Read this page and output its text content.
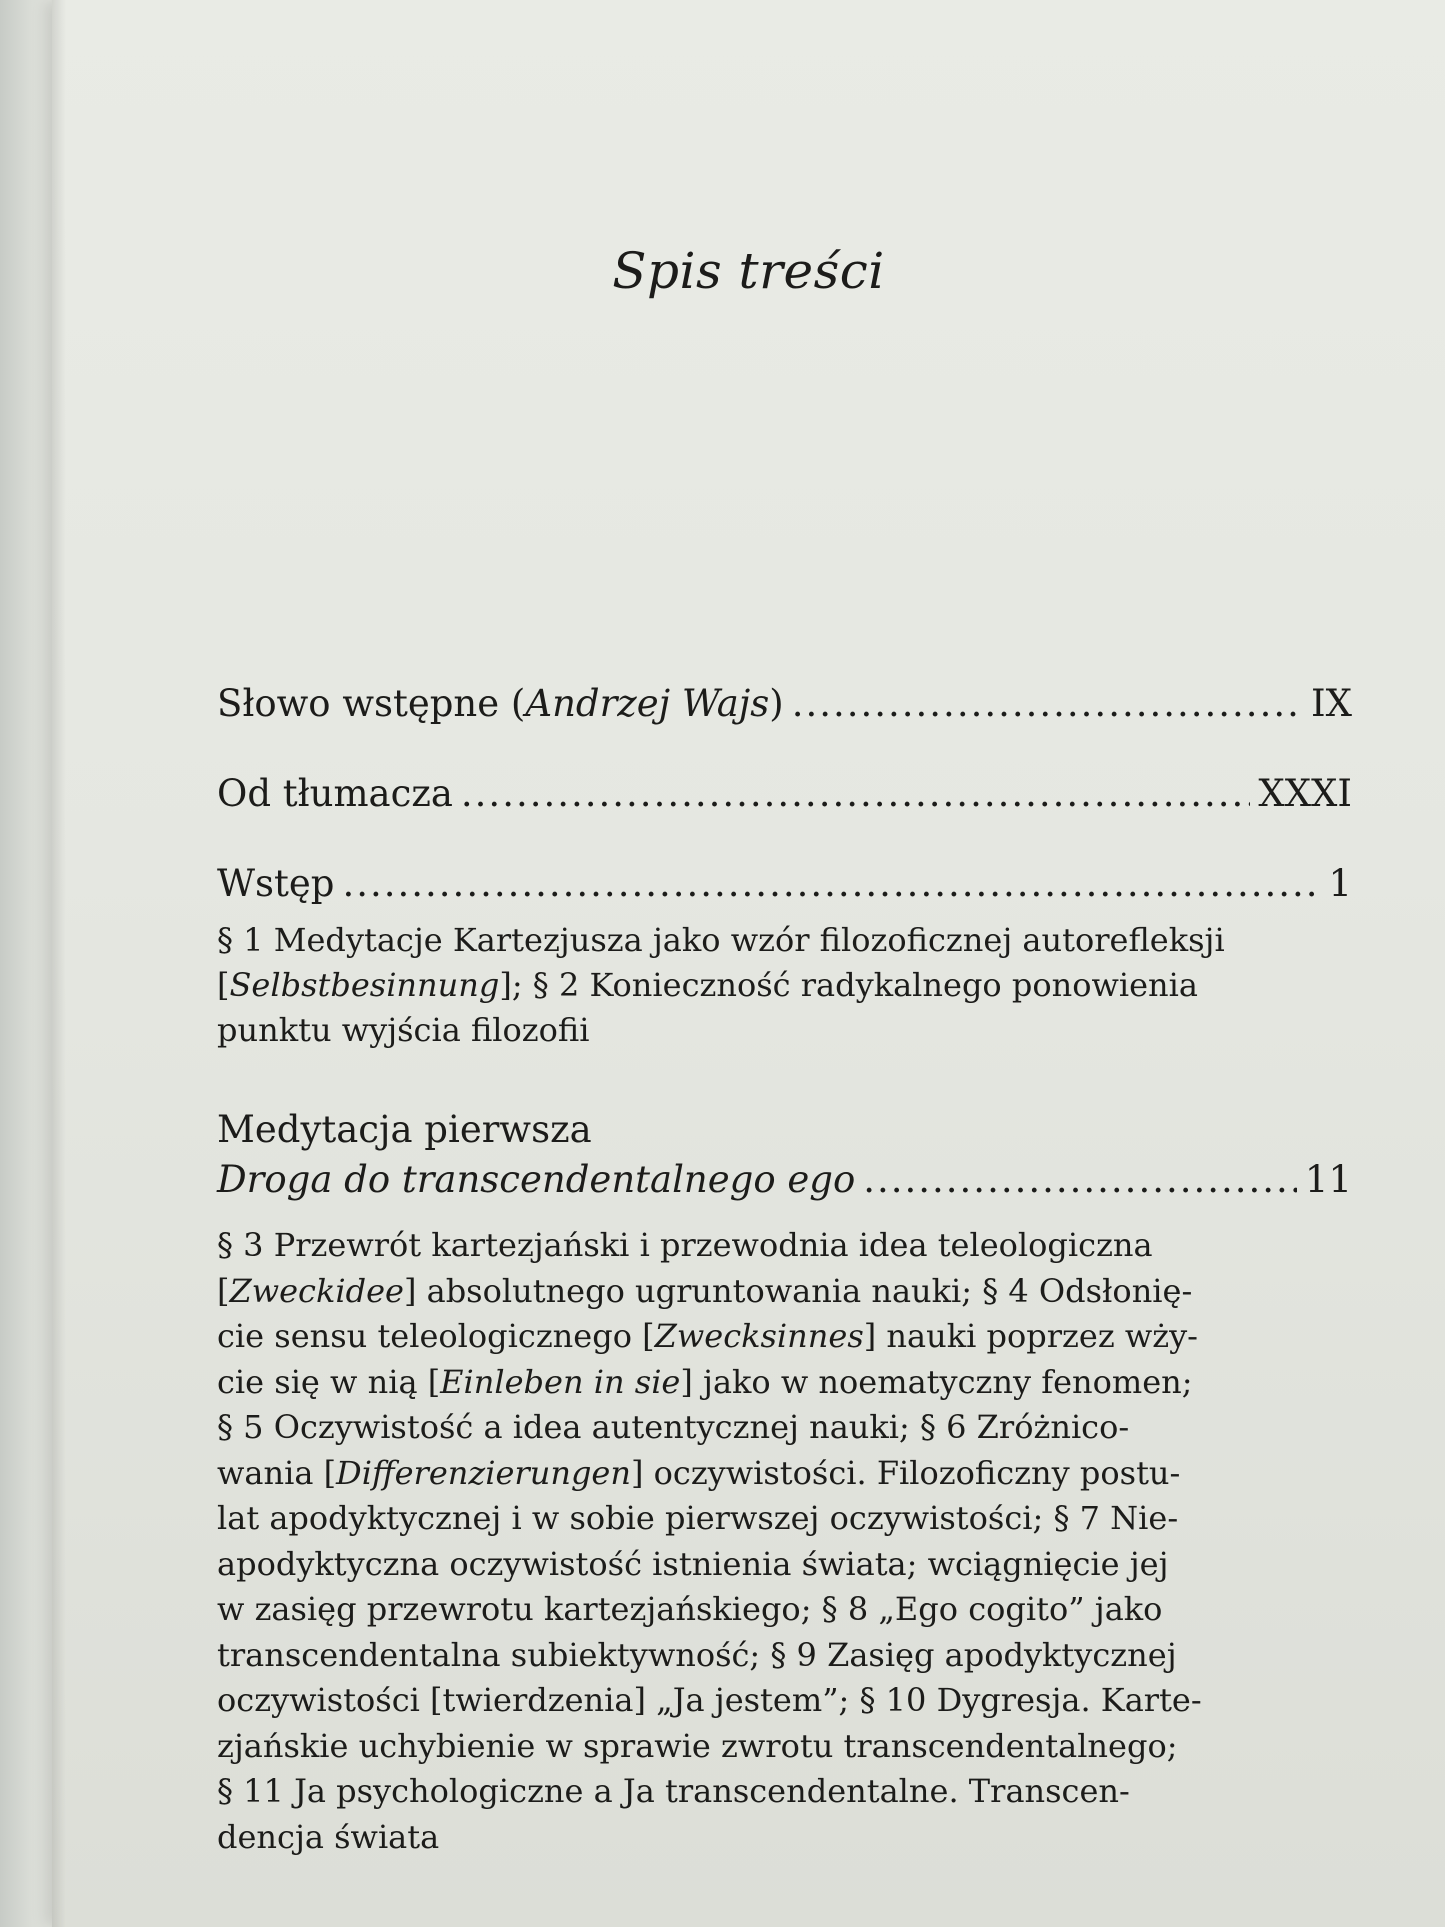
Spis treści
Słowo wstępne (Andrzej Wajs) .....	IX
Od tłumacza .....	XXXI
Wstęp .....	1
§ 1 Medytacje Kartezjusza jako wzór filozoficznej autorefleksji
[Selbstbesinnung]; § 2 Konieczność radykalnego ponowienia
punktu wyjścia filozofii
Medytacja pierwsza
Droga do transcendentalnego ego .....	11
§ 3 Przewrót kartezjański i przewodnia idea teleologiczna
[Zweckidee] absolutnego ugruntowania nauki; § 4 Odsłonię-
cie sensu teleologicznego [Zwecksinnes] nauki poprzez wży-
cie się w nią [Einleben in sie] jako w noematyczny fenomen;
§ 5 Oczywistość a idea autentycznej nauki; § 6 Zróżnico-
wania [Differenzierungen] oczywistości. Filozoficzny postu-
lat apodyktycznej i w sobie pierwszej oczywistości; § 7 Nie-
apodyktyczna oczywistość istnienia świata; wciągnięcie jej
w zasięg przewrotu kartezjańskiego; § 8 „Ego cogito” jako
transcendentalna subiektywność; § 9 Zasięg apodyktycznej
oczywistości [twierdzenia] „Ja jestem”; § 10 Dygresja. Karte-
zjańskie uchybienie w sprawie zwrotu transcendentalnego;
§ 11 Ja psychologiczne a Ja transcendentalne. Transcen-
dencja świata
